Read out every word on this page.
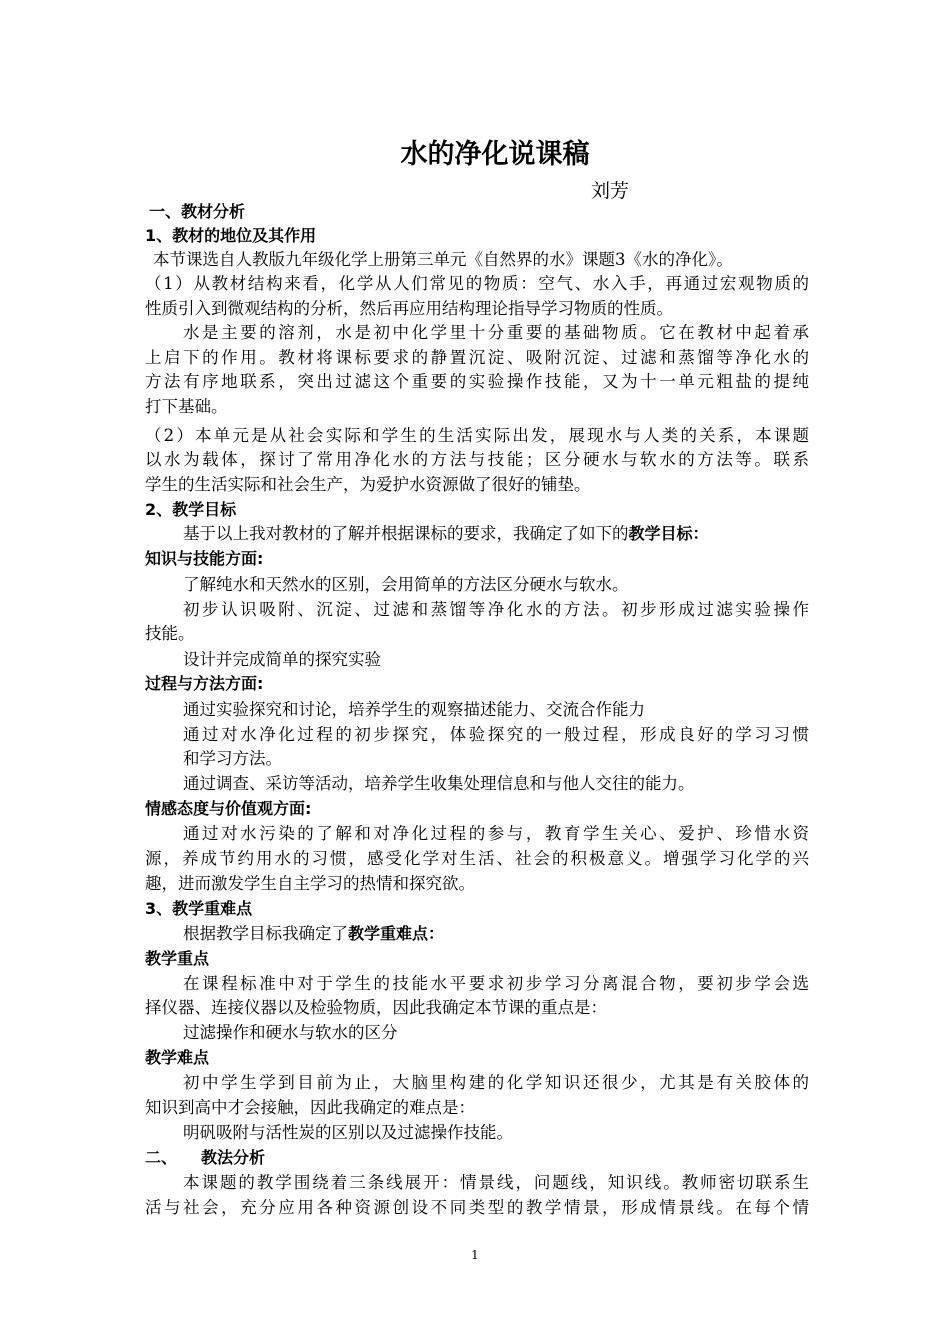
水的净化说课稿
刘芳
一、教材分析
1、教材的地位及其作用
本节课选自人教版九年级化学上册第三单元《自然界的水》课题3《水的净化》。
（1）从教材结构来看，化学从人们常见的物质：空气、水入手，再通过宏观物质的
性质引入到微观结构的分析，然后再应用结构理论指导学习物质的性质。
水是主要的溶剂，水是初中化学里十分重要的基础物质。它在教材中起着承
上启下的作用。教材将课标要求的静置沉淀、吸附沉淀、过滤和蒸馏等净化水的
方法有序地联系，突出过滤这个重要的实验操作技能，又为十一单元粗盐的提纯
打下基础。
（2）本单元是从社会实际和学生的生活实际出发，展现水与人类的关系，本课题
以水为载体，探讨了常用净化水的方法与技能；区分硬水与软水的方法等。联系
学生的生活实际和社会生产，为爱护水资源做了很好的铺垫。
2、教学目标
基于以上我对教材的了解并根据课标的要求，我确定了如下的教学目标：
知识与技能方面:
了解纯水和天然水的区别，会用简单的方法区分硬水与软水。
初步认识吸附、沉淀、过滤和蒸馏等净化水的方法。初步形成过滤实验操作
技能。
设计并完成简单的探究实验
过程与方法方面:
通过实验探究和讨论，培养学生的观察描述能力、交流合作能力
通过对水净化过程的初步探究，体验探究的一般过程，形成良好的学习习惯
和学习方法。
通过调查、采访等活动，培养学生收集处理信息和与他人交往的能力。
情感态度与价值观方面:
通过对水污染的了解和对净化过程的参与，教育学生关心、爱护、珍惜水资
源，养成节约用水的习惯，感受化学对生活、社会的积极意义。增强学习化学的兴
趣，进而激发学生自主学习的热情和探究欲。
3、教学重难点
根据教学目标我确定了教学重难点：
教学重点
在课程标准中对于学生的技能水平要求初步学习分离混合物，要初步学会选
择仪器、连接仪器以及检验物质，因此我确定本节课的重点是：
过滤操作和硬水与软水的区分
教学难点
初中学生学到目前为止，大脑里构建的化学知识还很少，尤其是有关胶体的
知识到高中才会接触，因此我确定的难点是：
明矾吸附与活性炭的区别以及过滤操作技能。
二、　　教法分析
本课题的教学围绕着三条线展开：情景线，问题线，知识线。教师密切联系生
活与社会，充分应用各种资源创设不同类型的教学情景，形成情景线。在每个情
1
